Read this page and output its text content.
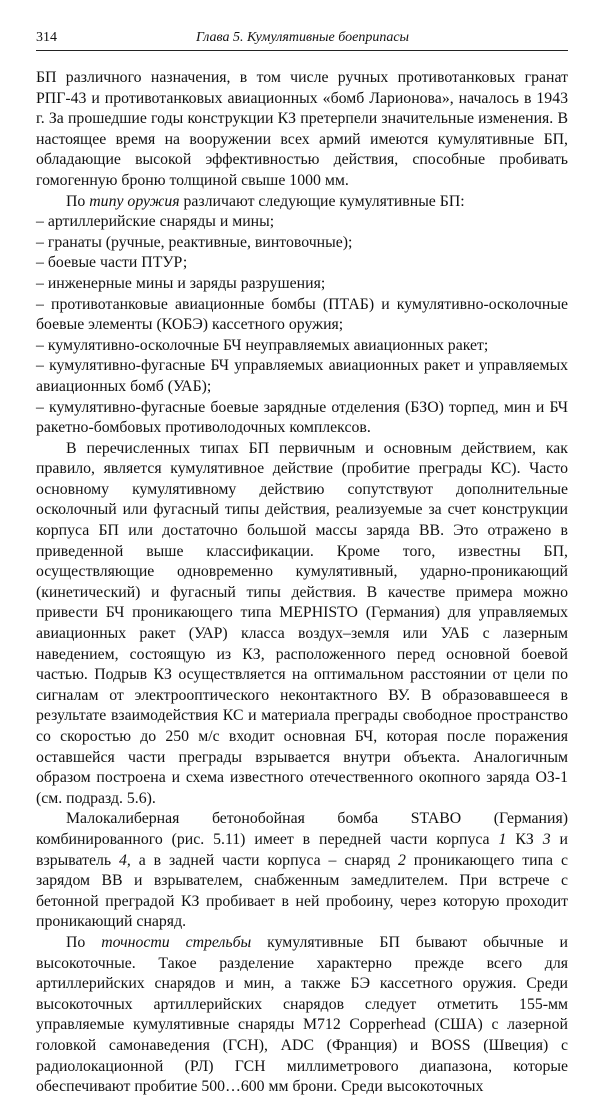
314	Глава 5. Кумулятивные боеприпасы

БП различного назначения, в том числе ручных противотанковых гранат РПГ-43 и противотанковых авиационных «бомб Ларионова», началось в 1943 г. За прошедшие годы конструкции КЗ претерпели значительные изменения. В настоящее время на вооружении всех армий имеются кумулятивные БП, обладающие высокой эффективностью действия, способные пробивать гомогенную броню толщиной свыше 1000 мм.

По типу оружия различают следующие кумулятивные БП:

– артиллерийские снаряды и мины;

– гранаты (ручные, реактивные, винтовочные);

– боевые части ПТУР;

– инженерные мины и заряды разрушения;

– противотанковые авиационные бомбы (ПТАБ) и кумулятивно-осколочные боевые элементы (КОБЭ) кассетного оружия;

– кумулятивно-осколочные БЧ неуправляемых авиационных ракет;

– кумулятивно-фугасные БЧ управляемых авиационных ракет и управляемых авиационных бомб (УАБ);

– кумулятивно-фугасные боевые зарядные отделения (БЗО) торпед, мин и БЧ ракетно-бомбовых противолодочных комплексов.

В перечисленных типах БП первичным и основным действием, как правило, является кумулятивное действие (пробитие преграды КС). Часто основному кумулятивному действию сопутствуют дополнительные осколочный или фугасный типы действия, реализуемые за счет конструкции корпуса БП или достаточно большой массы заряда ВВ. Это отражено в приведенной выше классификации. Кроме того, известны БП, осуществляющие одновременно кумулятивный, ударно-проникающий (кинетический) и фугасный типы действия. В качестве примера можно привести БЧ проникающего типа MEPHISTO (Германия) для управляемых авиационных ракет (УАР) класса воздух–земля или УАБ с лазерным наведением, состоящую из КЗ, расположенного перед основной боевой частью. Подрыв КЗ осуществляется на оптимальном расстоянии от цели по сигналам от электрооптического неконтактного ВУ. В образовавшееся в результате взаимодействия КС и материала преграды свободное пространство со скоростью до 250 м/с входит основная БЧ, которая после поражения оставшейся части преграды взрывается внутри объекта. Аналогичным образом построена и схема известного отечественного окопного заряда ОЗ-1 (см. подразд. 5.6).

Малокалиберная бетонобойная бомба STABO (Германия) комбинированного (рис. 5.11) имеет в передней части корпуса 1 КЗ 3 и взрыватель 4, а в задней части корпуса – снаряд 2 проникающего типа с зарядом ВВ и взрывателем, снабженным замедлителем. При встрече с бетонной преградой КЗ пробивает в ней пробоину, через которую проходит проникающий снаряд.

По точности стрельбы кумулятивные БП бывают обычные и высокоточные. Такое разделение характерно прежде всего для артиллерийских снарядов и мин, а также БЭ кассетного оружия. Среди высокоточных артиллерийских снарядов следует отметить 155-мм управляемые кумулятивные снаряды M712 Copperhead (США) с лазерной головкой самонаведения (ГСН), ADC (Франция) и BOSS (Швеция) с радиолокационной (РЛ) ГСН миллиметрового диапазона, которые обеспечивают пробитие 500…600 мм брони. Среди высокоточных
